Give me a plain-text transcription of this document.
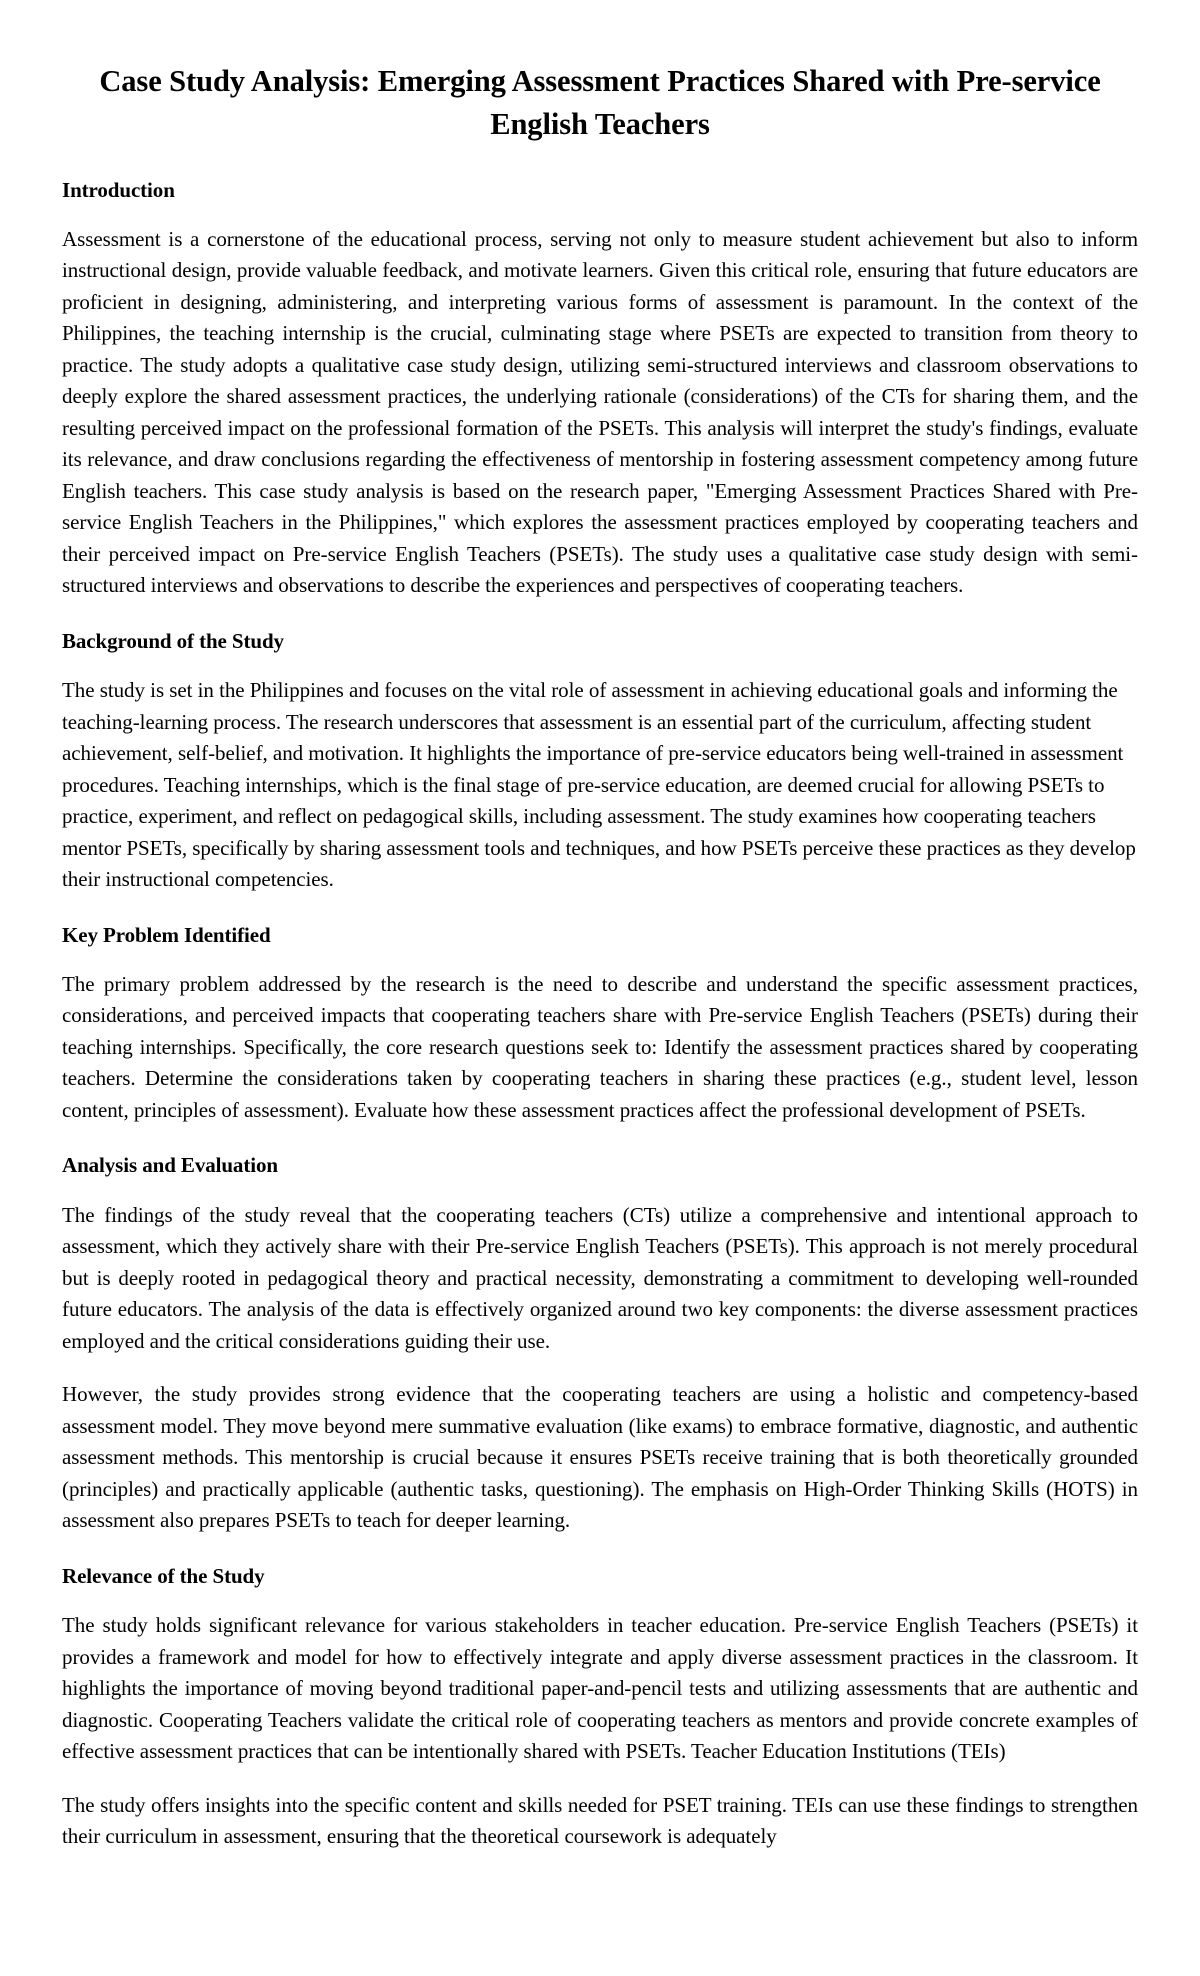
Case Study Analysis: Emerging Assessment Practices Shared with Pre-service English Teachers
Introduction

Assessment is a cornerstone of the educational process, serving not only to measure student achievement but also to inform instructional design, provide valuable feedback, and motivate learners. Given this critical role, ensuring that future educators are proficient in designing, administering, and interpreting various forms of assessment is paramount. In the context of the Philippines, the teaching internship is the crucial, culminating stage where PSETs are expected to transition from theory to practice. The study adopts a qualitative case study design, utilizing semi-structured interviews and classroom observations to deeply explore the shared assessment practices, the underlying rationale (considerations) of the CTs for sharing them, and the resulting perceived impact on the professional formation of the PSETs. This analysis will interpret the study's findings, evaluate its relevance, and draw conclusions regarding the effectiveness of mentorship in fostering assessment competency among future English teachers. This case study analysis is based on the research paper, "Emerging Assessment Practices Shared with Pre-service English Teachers in the Philippines," which explores the assessment practices employed by cooperating teachers and their perceived impact on Pre-service English Teachers (PSETs). The study uses a qualitative case study design with semi-structured interviews and observations to describe the experiences and perspectives of cooperating teachers.

Background of the Study

The study is set in the Philippines and focuses on the vital role of assessment in achieving educational goals and informing the teaching-learning process. The research underscores that assessment is an essential part of the curriculum, affecting student achievement, self-belief, and motivation. It highlights the importance of pre-service educators being well-trained in assessment procedures. Teaching internships, which is the final stage of pre-service education, are deemed crucial for allowing PSETs to practice, experiment, and reflect on pedagogical skills, including assessment. The study examines how cooperating teachers mentor PSETs, specifically by sharing assessment tools and techniques, and how PSETs perceive these practices as they develop their instructional competencies.

Key Problem Identified

The primary problem addressed by the research is the need to describe and understand the specific assessment practices, considerations, and perceived impacts that cooperating teachers share with Pre-service English Teachers (PSETs) during their teaching internships. Specifically, the core research questions seek to: Identify the assessment practices shared by cooperating teachers. Determine the considerations taken by cooperating teachers in sharing these practices (e.g., student level, lesson content, principles of assessment). Evaluate how these assessment practices affect the professional development of PSETs.

Analysis and Evaluation

The findings of the study reveal that the cooperating teachers (CTs) utilize a comprehensive and intentional approach to assessment, which they actively share with their Pre-service English Teachers (PSETs). This approach is not merely procedural but is deeply rooted in pedagogical theory and practical necessity, demonstrating a commitment to developing well-rounded future educators. The analysis of the data is effectively organized around two key components: the diverse assessment practices employed and the critical considerations guiding their use.

However, the study provides strong evidence that the cooperating teachers are using a holistic and competency-based assessment model. They move beyond mere summative evaluation (like exams) to embrace formative, diagnostic, and authentic assessment methods. This mentorship is crucial because it ensures PSETs receive training that is both theoretically grounded (principles) and practically applicable (authentic tasks, questioning). The emphasis on High-Order Thinking Skills (HOTS) in assessment also prepares PSETs to teach for deeper learning.

Relevance of the Study

The study holds significant relevance for various stakeholders in teacher education. Pre-service English Teachers (PSETs) it provides a framework and model for how to effectively integrate and apply diverse assessment practices in the classroom. It highlights the importance of moving beyond traditional paper-and-pencil tests and utilizing assessments that are authentic and diagnostic. Cooperating Teachers validate the critical role of cooperating teachers as mentors and provide concrete examples of effective assessment practices that can be intentionally shared with PSETs. Teacher Education Institutions (TEIs)

The study offers insights into the specific content and skills needed for PSET training. TEIs can use these findings to strengthen their curriculum in assessment, ensuring that the theoretical coursework is adequately
